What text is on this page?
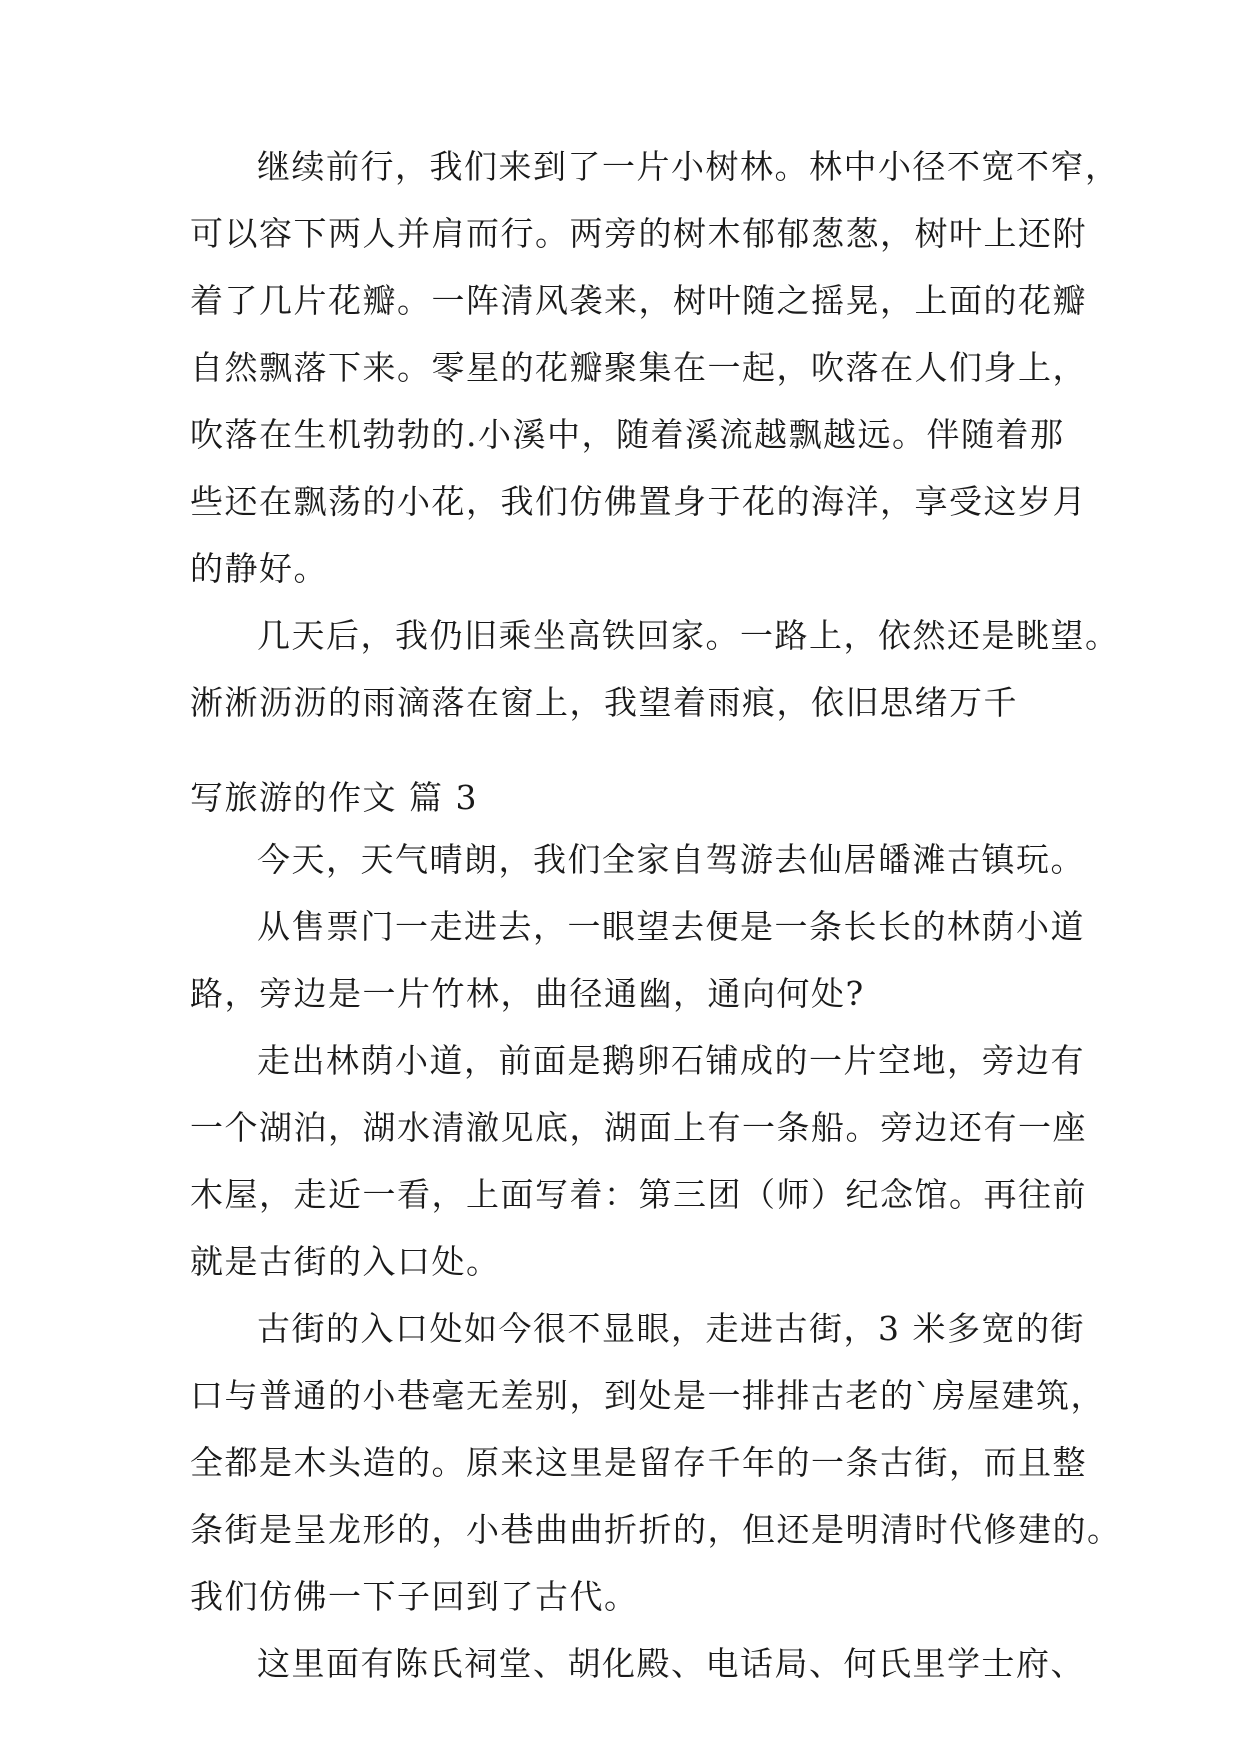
继续前行，我们来到了一片小树林。林中小径不宽不窄，
可以容下两人并肩而行。两旁的树木郁郁葱葱，树叶上还附
着了几片花瓣。一阵清风袭来，树叶随之摇晃，上面的花瓣
自然飘落下来。零星的花瓣聚集在一起，吹落在人们身上，
吹落在生机勃勃的.小溪中，随着溪流越飘越远。伴随着那
些还在飘荡的小花，我们仿佛置身于花的海洋，享受这岁月
的静好。
几天后，我仍旧乘坐高铁回家。一路上，依然还是眺望。
淅淅沥沥的雨滴落在窗上，我望着雨痕，依旧思绪万千
写旅游的作文 篇 3
今天，天气晴朗，我们全家自驾游去仙居皤滩古镇玩。
从售票门一走进去，一眼望去便是一条长长的林荫小道
路，旁边是一片竹林，曲径通幽，通向何处?
走出林荫小道，前面是鹅卵石铺成的一片空地，旁边有
一个湖泊，湖水清澈见底，湖面上有一条船。旁边还有一座
木屋，走近一看，上面写着：第三团（师）纪念馆。再往前
就是古街的入口处。
古街的入口处如今很不显眼，走进古街，3 米多宽的街
口与普通的小巷毫无差别，到处是一排排古老的`房屋建筑，
全都是木头造的。原来这里是留存千年的一条古街，而且整
条街是呈龙形的，小巷曲曲折折的，但还是明清时代修建的。
我们仿佛一下子回到了古代。
这里面有陈氏祠堂、胡化殿、电话局、何氏里学士府、
